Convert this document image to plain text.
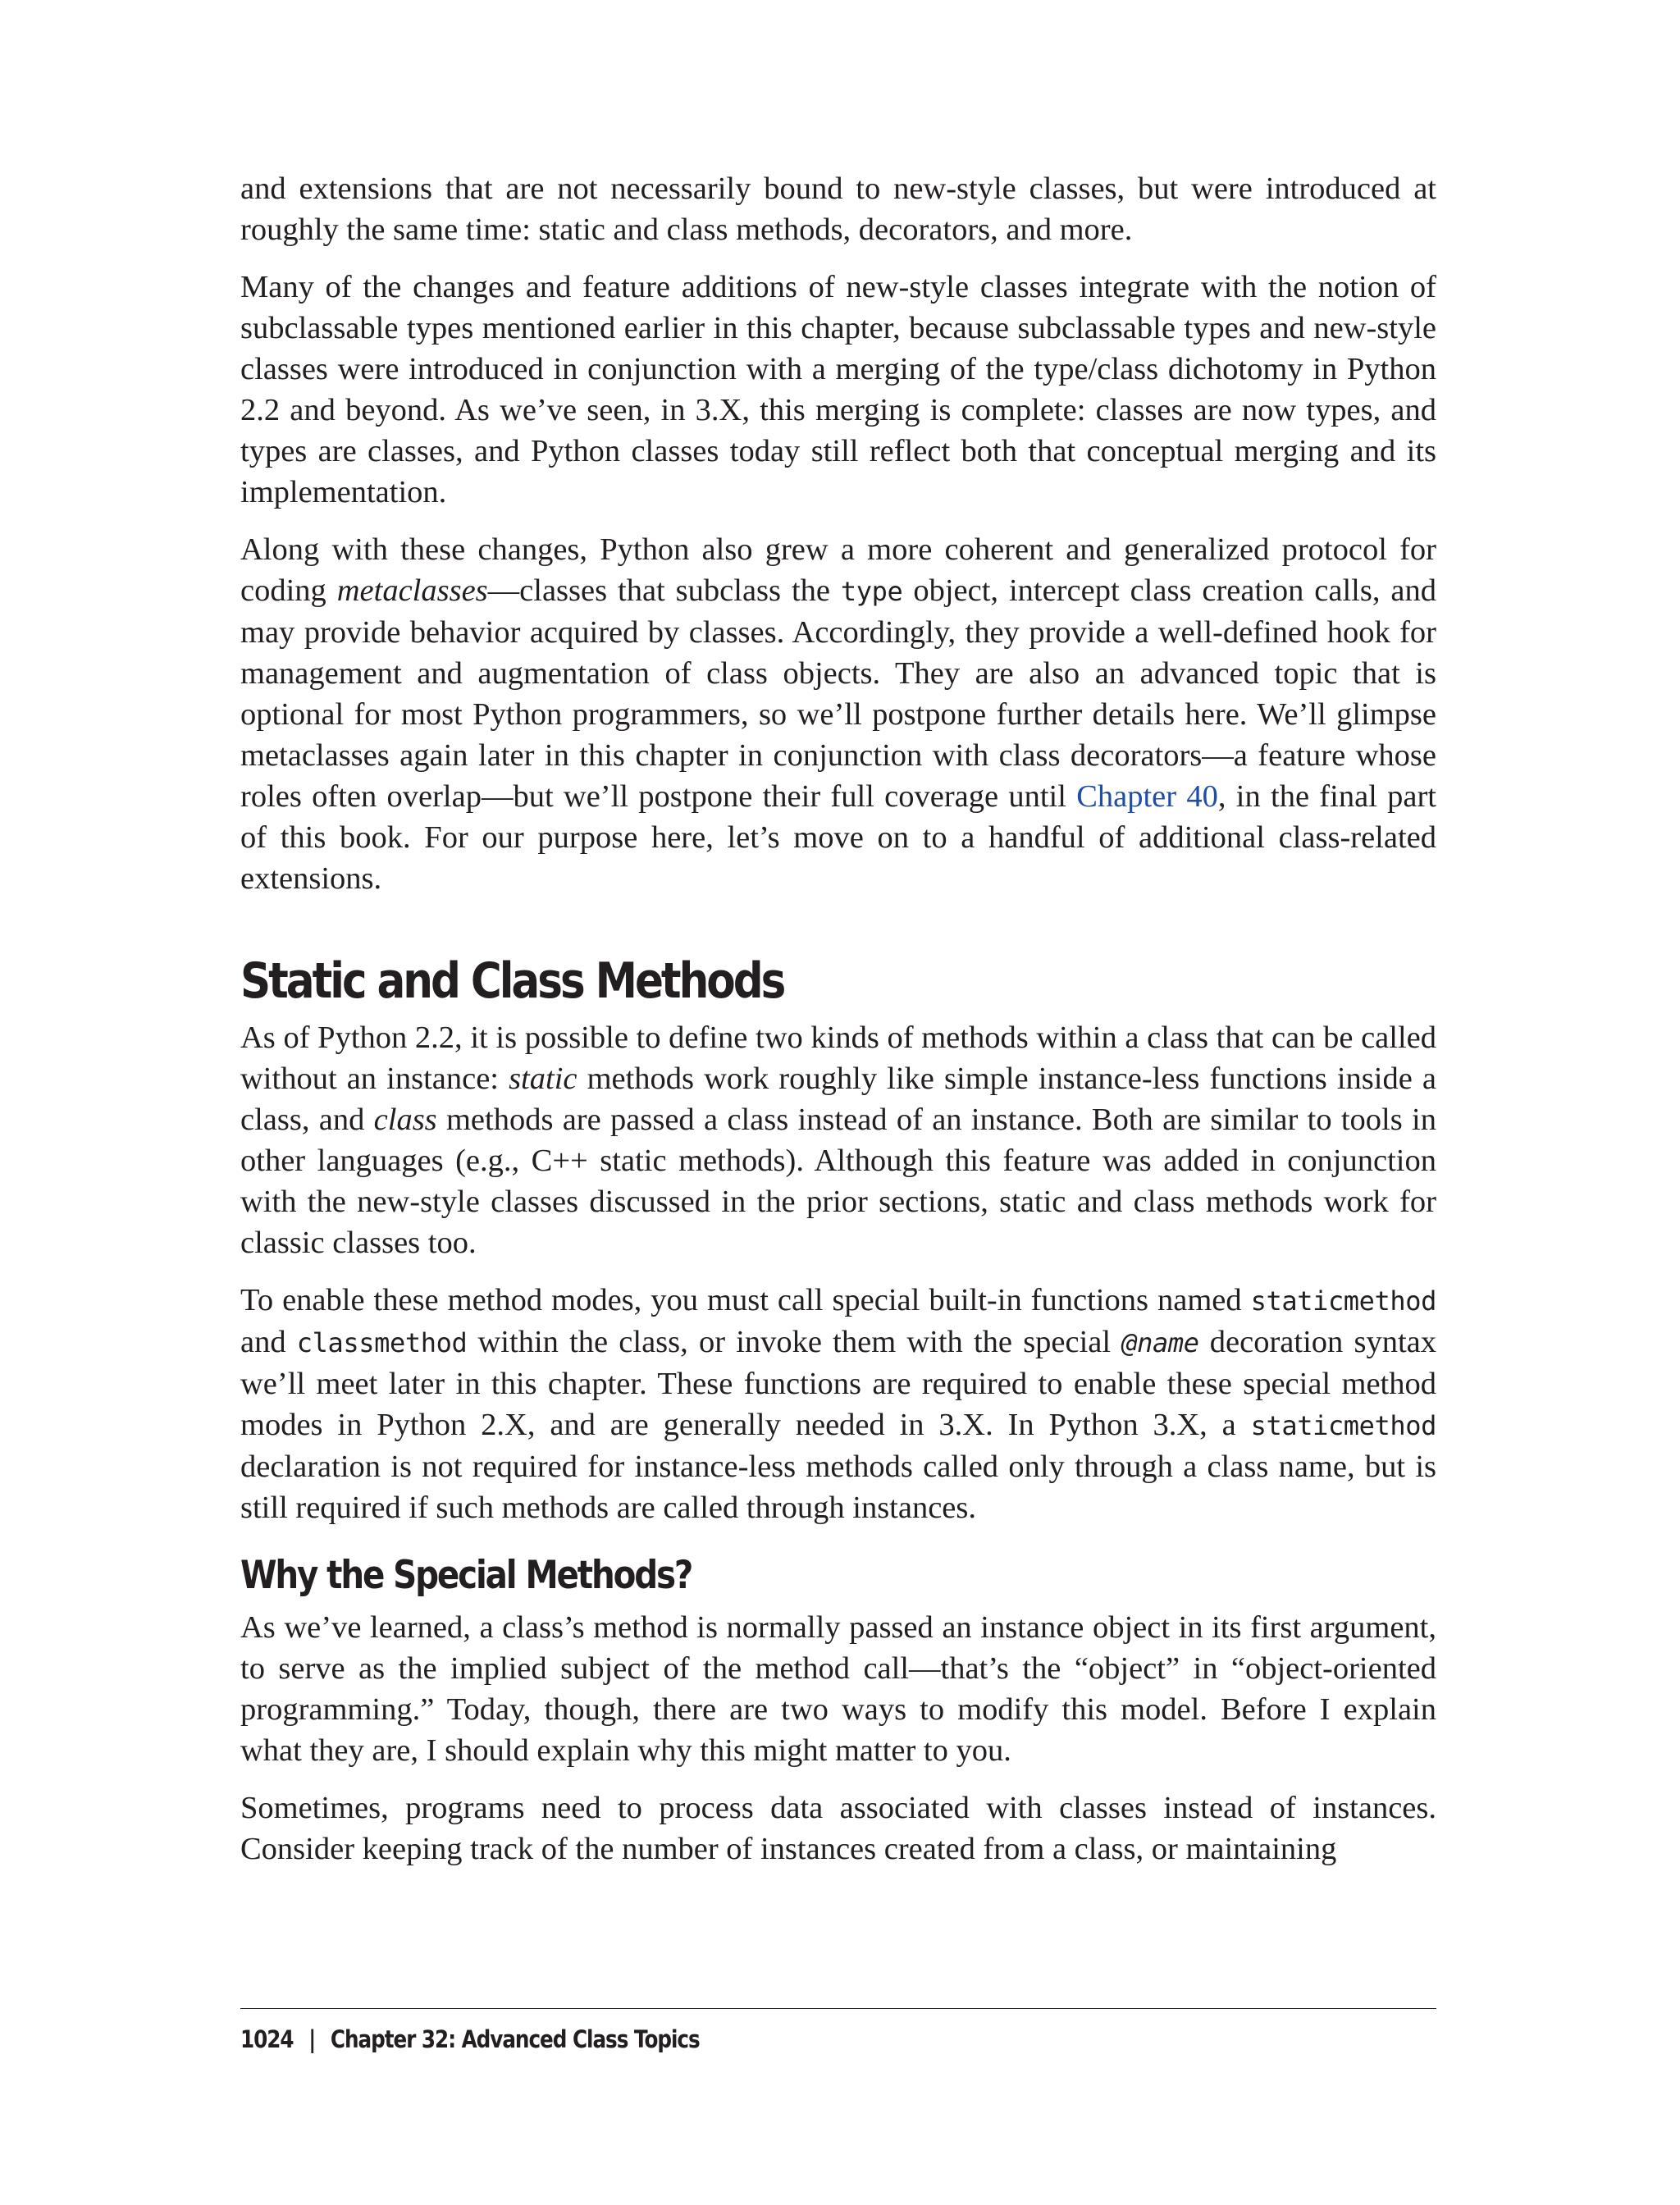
and extensions that are not necessarily bound to new-style classes, but were introduced at roughly the same time: static and class methods, decorators, and more.

Many of the changes and feature additions of new-style classes integrate with the notion of subclassable types mentioned earlier in this chapter, because subclassable types and new-style classes were introduced in conjunction with a merging of the type/class dichotomy in Python 2.2 and beyond. As we’ve seen, in 3.X, this merging is complete: classes are now types, and types are classes, and Python classes today still reflect both that conceptual merging and its implementation.

Along with these changes, Python also grew a more coherent and generalized protocol for coding metaclasses—classes that subclass the type object, intercept class creation calls, and may provide behavior acquired by classes. Accordingly, they provide a well-defined hook for management and augmentation of class objects. They are also an advanced topic that is optional for most Python programmers, so we’ll postpone further details here. We’ll glimpse metaclasses again later in this chapter in conjunction with class decorators—a feature whose roles often overlap—but we’ll postpone their full coverage until Chapter 40, in the final part of this book. For our purpose here, let’s move on to a handful of additional class-related extensions.

Static and Class Methods

As of Python 2.2, it is possible to define two kinds of methods within a class that can be called without an instance: static methods work roughly like simple instance-less functions inside a class, and class methods are passed a class instead of an instance. Both are similar to tools in other languages (e.g., C++ static methods). Although this feature was added in conjunction with the new-style classes discussed in the prior sections, static and class methods work for classic classes too.

To enable these method modes, you must call special built-in functions named staticmethod and classmethod within the class, or invoke them with the special @name decoration syntax we’ll meet later in this chapter. These functions are required to enable these special method modes in Python 2.X, and are generally needed in 3.X. In Python 3.X, a staticmethod declaration is not required for instance-less methods called only through a class name, but is still required if such methods are called through instances.

Why the Special Methods?

As we’ve learned, a class’s method is normally passed an instance object in its first argument, to serve as the implied subject of the method call—that’s the “object” in “object-oriented programming.” Today, though, there are two ways to modify this model. Before I explain what they are, I should explain why this might matter to you.

Sometimes, programs need to process data associated with classes instead of instances. Consider keeping track of the number of instances created from a class, or maintaining

1024 | Chapter 32: Advanced Class Topics
